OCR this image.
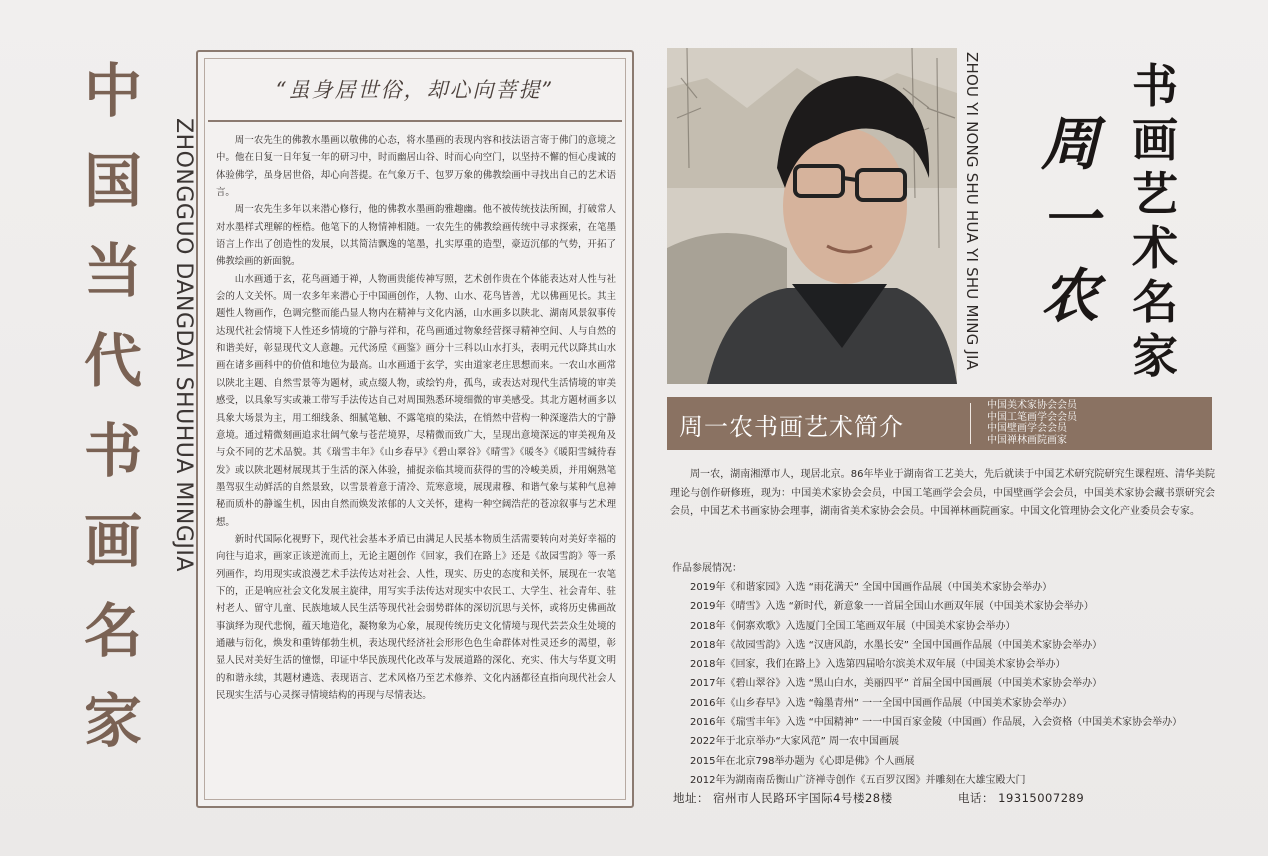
中
国
当
代
书
画
名
家
ZHONGGUO DANGDAI SHUHUA MINGJIA
“虽身居世俗，却心向菩提”

周一农先生的佛教水墨画以敬佛的心态，将水墨画的表现内容和技法语言寄于佛门的意境之中。他在日复一日年复一年的研习中，时而幽居山谷、时而心向空门，以坚持不懈的恒心虔诚的体验佛学，虽身居世俗，却心向菩提。在气象万千、包罗万象的佛教绘画中寻找出自己的艺术语言。

周一农先生多年以来潜心修行，他的佛教水墨画韵雅趣幽。他不被传统技法所囿，打破常人对水墨样式理解的桎梏。他笔下的人物情神相随。一农先生的佛教绘画传统中寻求探索，在笔墨语言上作出了创造性的发展，以其简洁飘逸的笔墨，扎实厚重的造型，豪迈沉郁的气势，开拓了佛教绘画的新面貌。

山水画通于玄，花鸟画通于禅，人物画贵能传神写照，艺术创作贵在个体能表达对人性与社会的人文关怀。周一农多年来潜心于中国画创作，人物、山水、花鸟皆善，尤以佛画见长。其主题性人物画作，色调完整而能凸显人物内在精神与文化内涵，山水画多以陕北、湖南风景叙事传达现代社会情境下人性还乡情境的宁静与祥和，花鸟画通过物象经营探寻精神空间、人与自然的和谐美好，彰显现代文人意趣。元代汤垕《画鉴》画分十三科以山水打头，表明元代以降其山水画在诸多画科中的价值和地位为最高。山水画通于玄学，实由道家老庄思想而来。一农山水画常以陕北主题、自然雪景等为题材，或点缀人物，或绘钓舟，孤鸟，或表达对现代生活情境的审美感受，以具象写实或兼工带写手法传达自己对周围熟悉环境细微的审美感受。其北方题材画多以具象大场景为主，用工细线条、细腻笔触、不露笔痕的染法，在悄然中营构一种深邃浩大的宁静意境。通过精微刻画追求壮阔气象与苍茫境界，尽精微而致广大，呈现出意境深远的审美视角及与众不同的艺术品貌。其《瑞雪丰年》《山乡春早》《碧山翠谷》《晴雪》《暖冬》《暖阳雪缄待春发》或以陕北题材展现其于生活的深入体验，捕捉亲临其境而获得的雪的冷峻美质，并用娴熟笔墨驾驭生动鲜活的自然景致，以雪景着意于清冷、荒寒意境，展现肃穆、和谐气象与某种气息神秘而质朴的静谧生机，因由自然而焕发浓郁的人文关怀，建构一种空阔浩茫的苍凉叙事与艺术理想。

新时代国际化视野下，现代社会基本矛盾已由满足人民基本物质生活需要转向对美好幸福的向往与追求，画家正该逆流而上，无论主题创作《回家，我们在路上》还是《故园雪韵》等一系列画作，均用现实或浪漫艺术手法传达对社会、人性，现实、历史的态度和关怀，展现在一农笔下的，正是响应社会文化发展主旋律，用写实手法传达对现实中农民工、大学生、社会青年、驻村老人、留守儿童、民族地域人民生活等现代社会弱势群体的深切沉思与关怀，或将历史佛画故事演绎为现代悲悯，蕴天地造化，凝物象为心象，展现传统历史文化情境与现代芸芸众生处境的通融与衍化，焕发和重铸郁勃生机，表达现代经济社会形形色色生命群体对性灵还乡的渴望，彰显人民对美好生活的憧憬，印证中华民族现代化改革与发展道路的深化、充实、伟大与华夏文明的和谐永续，其题材遴选、表现语言、艺术风格乃至艺术修养、文化内涵都径直指向现代社会人民现实生活与心灵探寻情境结构的再现与尽情表达。

ZHOU YI NONG SHU HUA YI SHU MING JIA 周
一
农
书
画
艺
术
名
家
周一农书画艺术简介
中国美术家协会会员
中国工笔画学会会员
中国壁画学会会员
中国禅林画院画家

周一农，湖南湘潭市人，现居北京。86年毕业于湖南省工艺美大，先后就读于中国艺术研究院研究生课程班、清华美院理论与创作研修班，现为：中国美术家协会会员，中国工笔画学会会员，中国壁画学会会员，中国美术家协会藏书票研究会会员，中国艺术书画家协会理事，湖南省美术家协会会员。中国禅林画院画家。中国文化管理协会文化产业委员会专家。

作品参展情况：
2019年《和谐家园》入选 “雨花满天” 全国中国画作品展（中国美术家协会举办）
2019年《晴雪》入选 “新时代，新意象一一首届全国山水画双年展（中国美术家协会举办）
2018年《侗寨欢歌》入选厦门全国工笔画双年展（中国美术家协会举办）
2018年《故园雪韵》入选 “汉唐风韵，水墨长安” 全国中国画作品展（中国美术家协会举办）
2018年《回家，我们在路上》入选第四届哈尔滨美术双年展（中国美术家协会举办）
2017年《碧山翠谷》入选 “黑山白水，美丽四平” 首届全国中国画展（中国美术家协会举办）
2016年《山乡春早》入选 “翰墨青州” 一一全国中国画作品展（中国美术家协会举办）
2016年《瑞雪丰年》入选 “中国精神” 一一中国百家金陵（中国画）作品展，入会资格（中国美术家协会举办）
2022年于北京举办“大家风范” 周一农中国画展
2015年在北京798举办题为《心即是佛》个人画展
2012年为湖南南岳衡山广济禅寺创作《五百罗汉图》并雕刻在大雄宝殿大门
地址： 宿州市人民路环宇国际4号楼28楼	电话： 19315007289
